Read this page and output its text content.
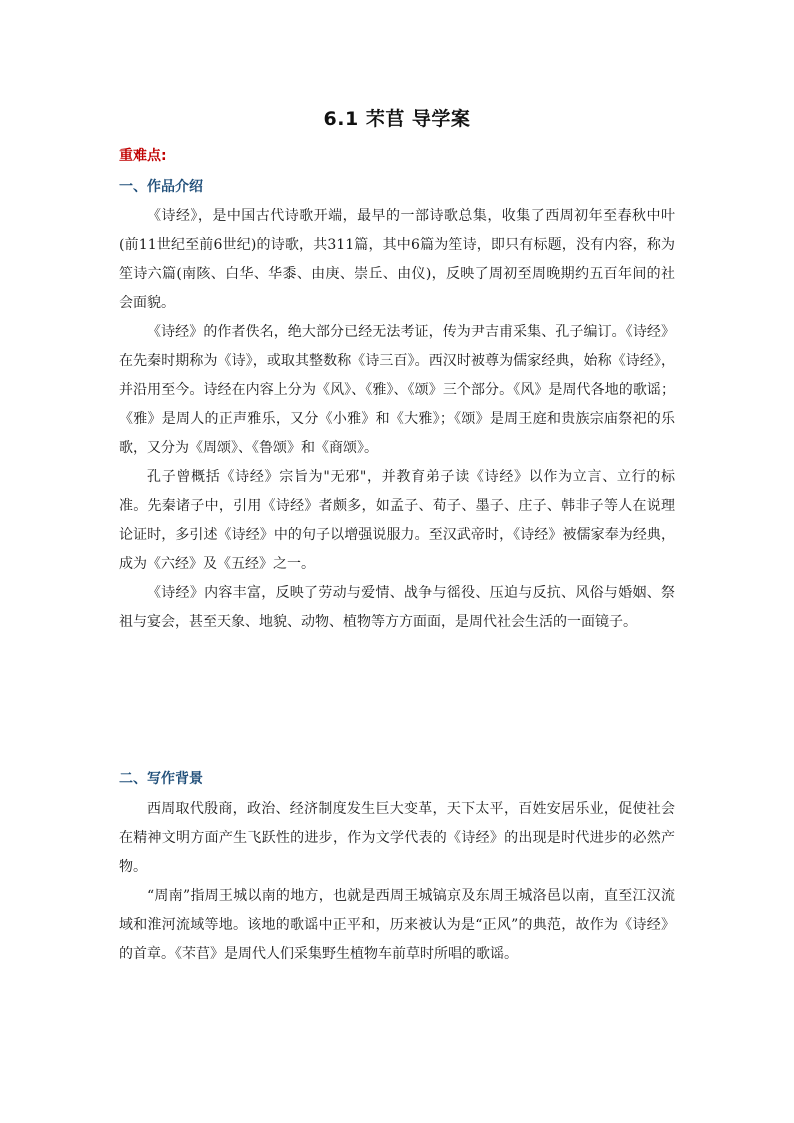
6.1 芣苢 导学案
重难点:
一、作品介绍

《诗经》，是中国古代诗歌开端，最早的一部诗歌总集，收集了西周初年至春秋中叶(前11世纪至前6世纪)的诗歌，共311篇，其中6篇为笙诗，即只有标题，没有内容，称为笙诗六篇(南陔、白华、华黍、由庚、崇丘、由仪)，反映了周初至周晚期约五百年间的社会面貌。

《诗经》的作者佚名，绝大部分已经无法考证，传为尹吉甫采集、孔子编订。《诗经》在先秦时期称为《诗》，或取其整数称《诗三百》。西汉时被尊为儒家经典，始称《诗经》，并沿用至今。诗经在内容上分为《风》、《雅》、《颂》三个部分。《风》是周代各地的歌谣；《雅》是周人的正声雅乐，又分《小雅》和《大雅》；《颂》是周王庭和贵族宗庙祭祀的乐歌，又分为《周颂》、《鲁颂》和《商颂》。

孔子曾概括《诗经》宗旨为"无邪"，并教育弟子读《诗经》以作为立言、立行的标准。先秦诸子中，引用《诗经》者颇多，如孟子、荀子、墨子、庄子、韩非子等人在说理论证时，多引述《诗经》中的句子以增强说服力。至汉武帝时，《诗经》被儒家奉为经典，成为《六经》及《五经》之一。

《诗经》内容丰富，反映了劳动与爱情、战争与徭役、压迫与反抗、风俗与婚姻、祭祖与宴会，甚至天象、地貌、动物、植物等方方面面，是周代社会生活的一面镜子。

二、写作背景

西周取代殷商，政治、经济制度发生巨大变革，天下太平，百姓安居乐业，促使社会在精神文明方面产生飞跃性的进步，作为文学代表的《诗经》的出现是时代进步的必然产物。

“周南”指周王城以南的地方，也就是西周王城镐京及东周王城洛邑以南，直至江汉流域和淮河流域等地。该地的歌谣中正平和，历来被认为是“正风”的典范，故作为《诗经》的首章。《芣苢》是周代人们采集野生植物车前草时所唱的歌谣。
